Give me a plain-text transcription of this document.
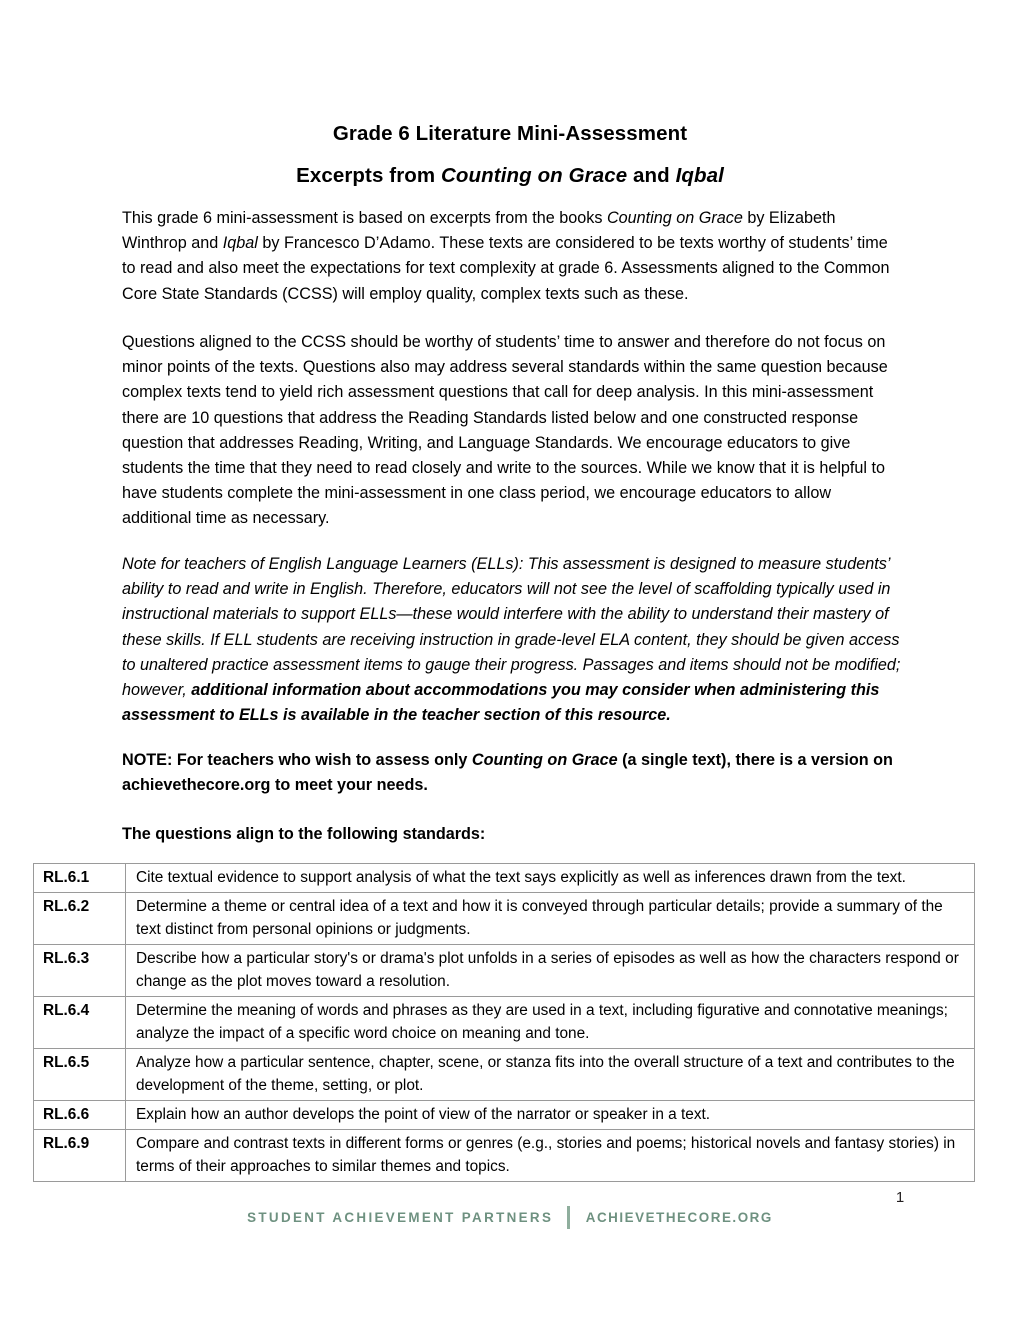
Grade 6 Literature Mini-Assessment
Excerpts from Counting on Grace and Iqbal
This grade 6 mini-assessment is based on excerpts from the books Counting on Grace by Elizabeth Winthrop and Iqbal by Francesco D’Adamo. These texts are considered to be texts worthy of students’ time to read and also meet the expectations for text complexity at grade 6. Assessments aligned to the Common Core State Standards (CCSS) will employ quality, complex texts such as these.
Questions aligned to the CCSS should be worthy of students’ time to answer and therefore do not focus on minor points of the texts. Questions also may address several standards within the same question because complex texts tend to yield rich assessment questions that call for deep analysis. In this mini-assessment there are 10 questions that address the Reading Standards listed below and one constructed response question that addresses Reading, Writing, and Language Standards. We encourage educators to give students the time that they need to read closely and write to the sources. While we know that it is helpful to have students complete the mini-assessment in one class period, we encourage educators to allow additional time as necessary.
Note for teachers of English Language Learners (ELLs): This assessment is designed to measure students’ ability to read and write in English. Therefore, educators will not see the level of scaffolding typically used in instructional materials to support ELLs—these would interfere with the ability to understand their mastery of these skills. If ELL students are receiving instruction in grade-level ELA content, they should be given access to unaltered practice assessment items to gauge their progress. Passages and items should not be modified; however, additional information about accommodations you may consider when administering this assessment to ELLs is available in the teacher section of this resource.
NOTE: For teachers who wish to assess only Counting on Grace (a single text), there is a version on achievethecore.org to meet your needs.
The questions align to the following standards:
RL.6.1	Cite textual evidence to support analysis of what the text says explicitly as well as inferences drawn from the text.
RL.6.2	Determine a theme or central idea of a text and how it is conveyed through particular details; provide a summary of the text distinct from personal opinions or judgments.
RL.6.3	Describe how a particular story's or drama's plot unfolds in a series of episodes as well as how the characters respond or change as the plot moves toward a resolution.
RL.6.4	Determine the meaning of words and phrases as they are used in a text, including figurative and connotative meanings; analyze the impact of a specific word choice on meaning and tone.
RL.6.5	Analyze how a particular sentence, chapter, scene, or stanza fits into the overall structure of a text and contributes to the development of the theme, setting, or plot.
RL.6.6	Explain how an author develops the point of view of the narrator or speaker in a text.
RL.6.9	Compare and contrast texts in different forms or genres (e.g., stories and poems; historical novels and fantasy stories) in terms of their approaches to similar themes and topics.
1
STUDENT ACHIEVEMENT PARTNERS ACHIEVETHECORE.ORG
